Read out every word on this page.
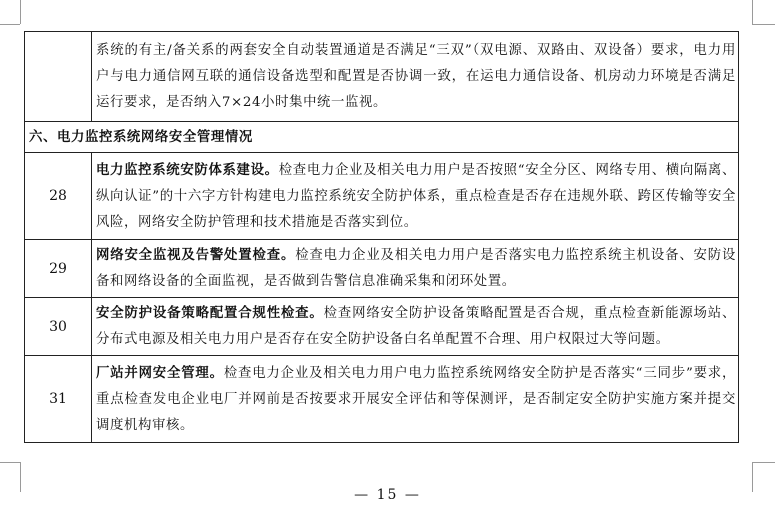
	系统的有主/备关系的两套安全自动装置通道是否满足“三双”（双电源、双路由、双设备）要求，电力用户与电力通信网互联的通信设备选型和配置是否协调一致，在运电力通信设备、机房动力环境是否满足运行要求，是否纳入7×24小时集中统一监视。
六、电力监控系统网络安全管理情况	
28	电力监控系统安防体系建设。检查电力企业及相关电力用户是否按照“安全分区、网络专用、横向隔离、纵向认证”的十六字方针构建电力监控系统安全防护体系，重点检查是否存在违规外联、跨区传输等安全风险，网络安全防护管理和技术措施是否落实到位。
29	网络安全监视及告警处置检查。检查电力企业及相关电力用户是否落实电力监控系统主机设备、安防设备和网络设备的全面监视，是否做到告警信息准确采集和闭环处置。
30	安全防护设备策略配置合规性检查。检查网络安全防护设备策略配置是否合规，重点检查新能源场站、分布式电源及相关电力用户是否存在安全防护设备白名单配置不合理、用户权限过大等问题。
31	厂站并网安全管理。检查电力企业及相关电力用户电力监控系统网络安全防护是否落实“三同步”要求，重点检查发电企业电厂并网前是否按要求开展安全评估和等保测评，是否制定安全防护实施方案并提交调度机构审核。
— 15 —
